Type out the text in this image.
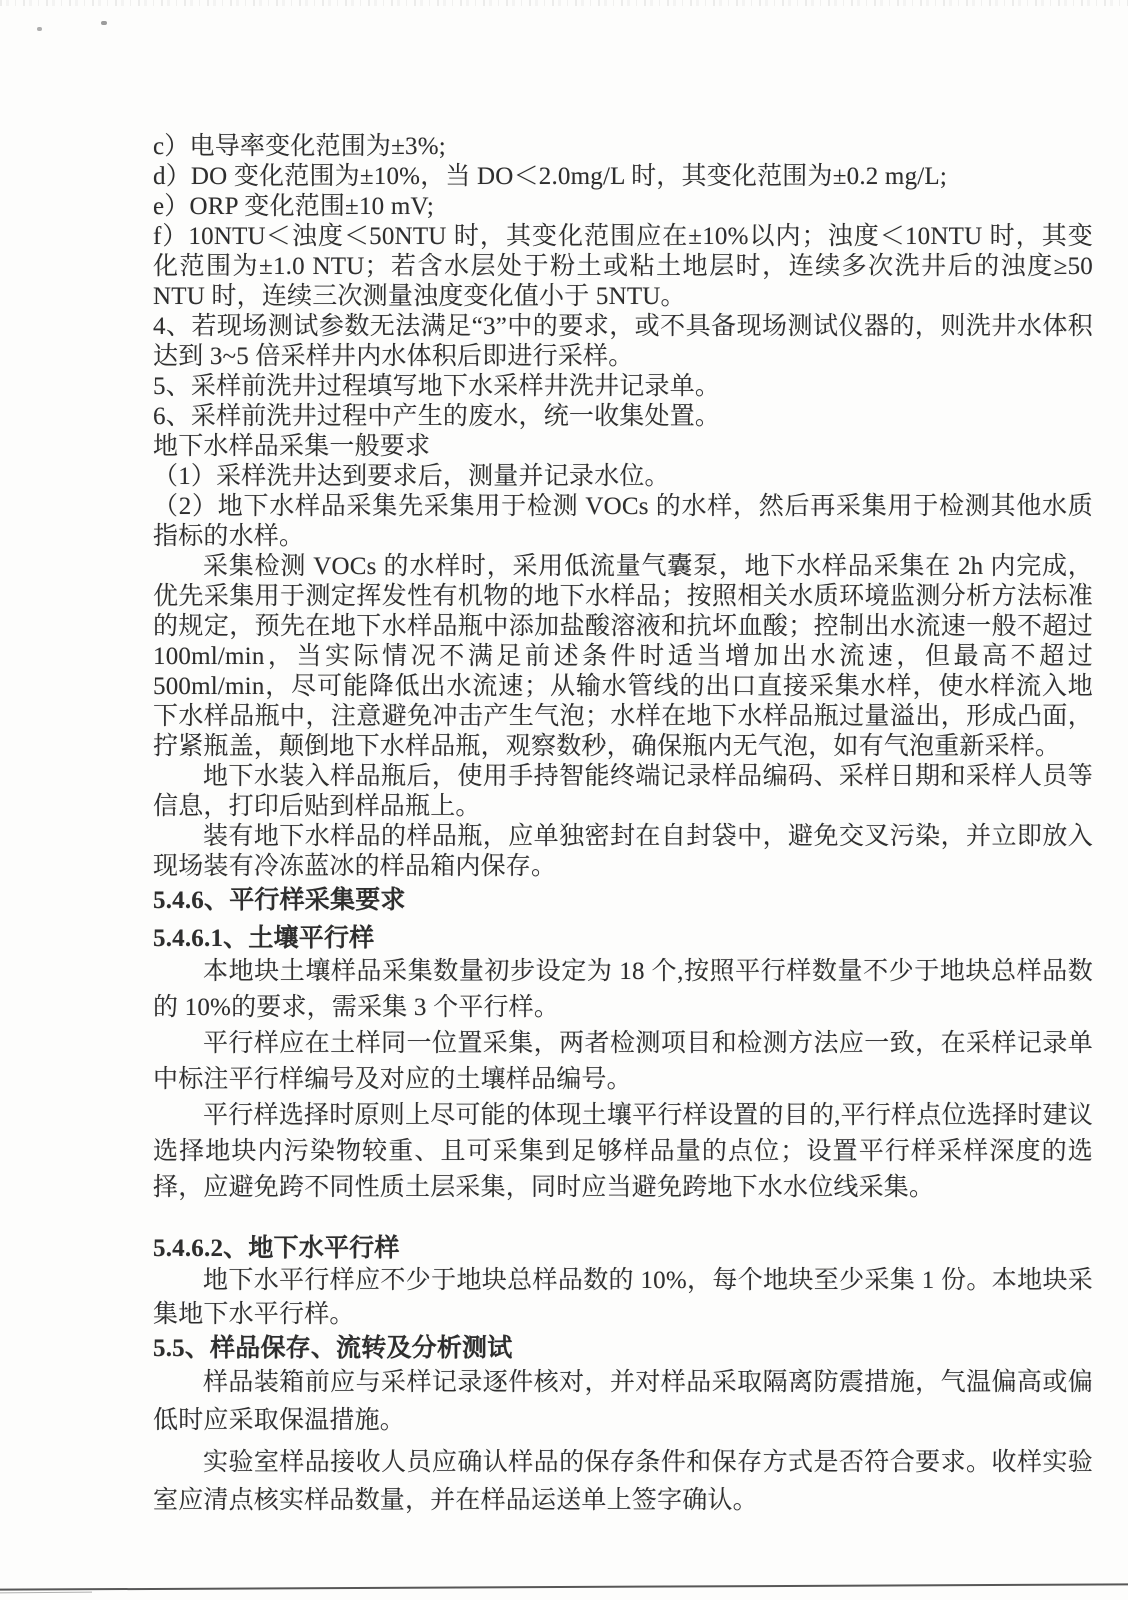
c）电导率变化范围为±3%;
d）DO 变化范围为±10%，当 DO＜2.0mg/L 时，其变化范围为±0.2 mg/L;
e）ORP 变化范围±10 mV;
f）10NTU＜浊度＜50NTU 时，其变化范围应在±10%以内；浊度＜10NTU 时，其变化范围为±1.0 NTU；若含水层处于粉土或粘土地层时，连续多次洗井后的浊度≥50 NTU 时，连续三次测量浊度变化值小于 5NTU。
4、若现场测试参数无法满足“3”中的要求，或不具备现场测试仪器的，则洗井水体积达到 3~5 倍采样井内水体积后即进行采样。
5、采样前洗井过程填写地下水采样井洗井记录单。
6、采样前洗井过程中产生的废水，统一收集处置。
地下水样品采集一般要求
（1）采样洗井达到要求后，测量并记录水位。
（2）地下水样品采集先采集用于检测 VOCs 的水样，然后再采集用于检测其他水质指标的水样。
采集检测 VOCs 的水样时，采用低流量气囊泵，地下水样品采集在 2h 内完成，优先采集用于测定挥发性有机物的地下水样品；按照相关水质环境监测分析方法标准的规定，预先在地下水样品瓶中添加盐酸溶液和抗坏血酸；控制出水流速一般不超过 100ml/min，当实际情况不满足前述条件时适当增加出水流速，但最高不超过 500ml/min，尽可能降低出水流速；从输水管线的出口直接采集水样，使水样流入地下水样品瓶中，注意避免冲击产生气泡；水样在地下水样品瓶过量溢出，形成凸面，拧紧瓶盖，颠倒地下水样品瓶，观察数秒，确保瓶内无气泡，如有气泡重新采样。
地下水装入样品瓶后，使用手持智能终端记录样品编码、采样日期和采样人员等信息，打印后贴到样品瓶上。
装有地下水样品的样品瓶，应单独密封在自封袋中，避免交叉污染，并立即放入现场装有冷冻蓝冰的样品箱内保存。
5.4.6、平行样采集要求
5.4.6.1、土壤平行样
本地块土壤样品采集数量初步设定为 18 个,按照平行样数量不少于地块总样品数的 10%的要求，需采集 3 个平行样。
平行样应在土样同一位置采集，两者检测项目和检测方法应一致，在采样记录单中标注平行样编号及对应的土壤样品编号。
平行样选择时原则上尽可能的体现土壤平行样设置的目的,平行样点位选择时建议选择地块内污染物较重、且可采集到足够样品量的点位；设置平行样采样深度的选择，应避免跨不同性质土层采集，同时应当避免跨地下水水位线采集。
5.4.6.2、地下水平行样
地下水平行样应不少于地块总样品数的 10%，每个地块至少采集 1 份。本地块采集地下水平行样。
5.5、样品保存、流转及分析测试
样品装箱前应与采样记录逐件核对，并对样品采取隔离防震措施，气温偏高或偏低时应采取保温措施。
实验室样品接收人员应确认样品的保存条件和保存方式是否符合要求。收样实验室应清点核实样品数量，并在样品运送单上签字确认。
